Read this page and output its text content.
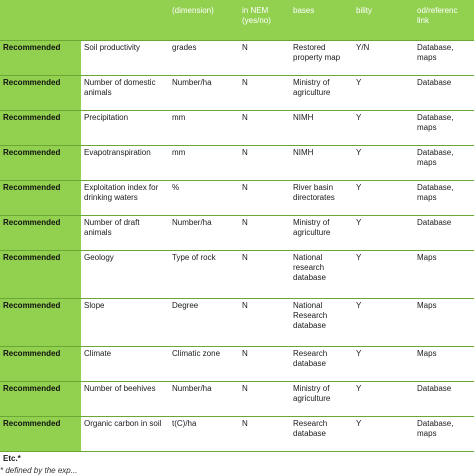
		(dimension)	in NEM (yes/no)	bases	bility	od/referenc link
Recommended	Soil productivity	grades	N	Restored property map	Y/N	Database, maps
Recommended	Number of domestic animals	Number/ha	N	Ministry of agriculture	Y	Database
Recommended	Precipitation	mm	N	NIMH	Y	Database, maps
Recommended	Evapotranspiration	mm	N	NIMH	Y	Database, maps
Recommended	Exploitation index for drinking waters	%	N	River basin directorates	Y	Database, maps
Recommended	Number of draft animals	Number/ha	N	Ministry of agriculture	Y	Database
Recommended	Geology	Type of rock	N	National research database	Y	Maps
Recommended	Slope	Degree	N	National Research database	Y	Maps
Recommended	Climate	Climatic zone	N	Research database	Y	Maps
Recommended	Number of beehives	Number/ha	N	Ministry of agriculture	Y	Database
Recommended	Organic carbon in soil	t(C)/ha	N	Research database	Y	Database, maps
Etc.*						
* defined by the exp...
